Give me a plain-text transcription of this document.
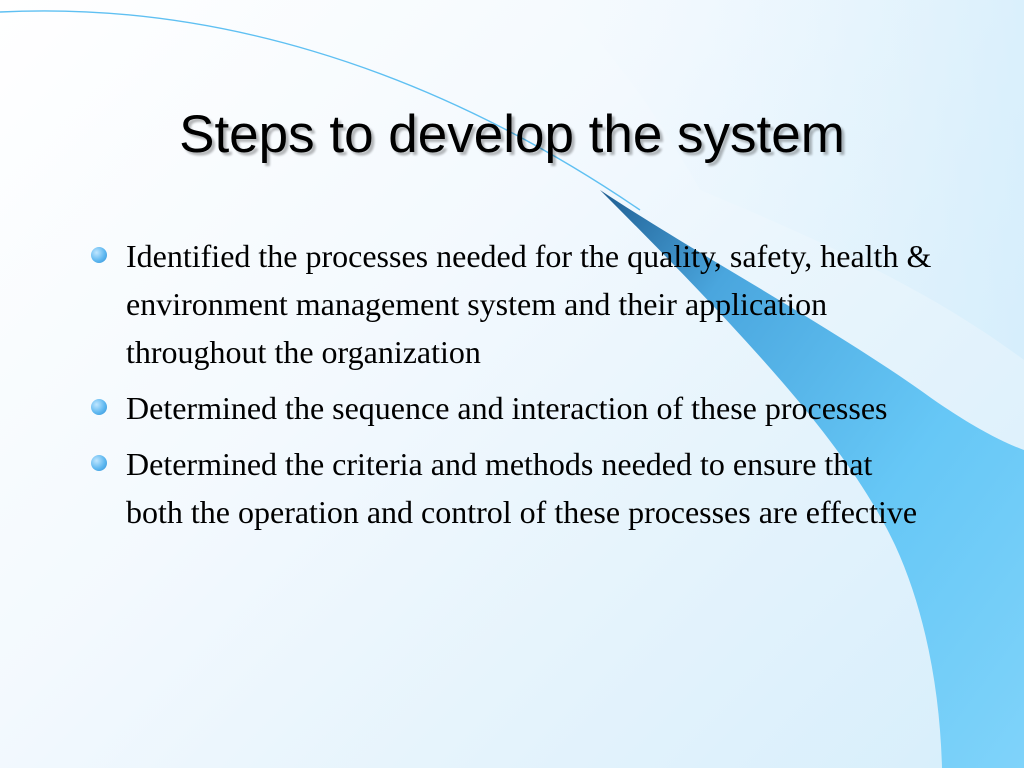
Steps to develop the system
Identified the processes needed for the quality, safety, health & environment management system and their application throughout the organization
Determined the sequence and interaction of these processes
Determined the criteria and methods needed to ensure that both the operation and control of these processes are effective
